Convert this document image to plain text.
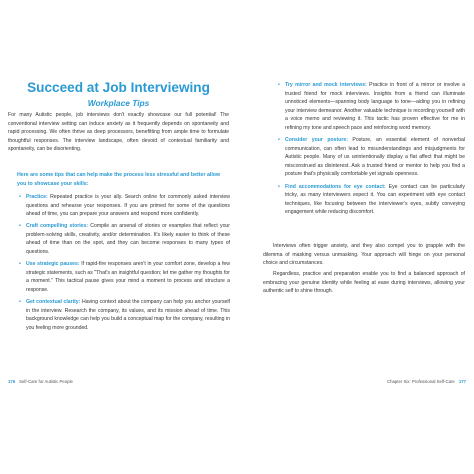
Succeed at Job Interviewing
Workplace Tips
For many Autistic people, job interviews don't exactly showcase our full potential! The conventional interview setting can induce anxiety as it frequently depends on spontaneity and rapid processing. We often thrive as deep processors, benefitting from ample time to formulate thoughtful responses. The interview landscape, often devoid of contextual familiarity and spontaneity, can be disorienting.
Here are some tips that can help make the process less stressful and better allow you to showcase your skills:
• Practice: Repeated practice is your ally. Search online for commonly asked interview questions and rehearse your responses. If you are primed for some of the questions ahead of time, you can prepare your answers and respond more confidently.
• Craft compelling stories: Compile an arsenal of stories or examples that reflect your problem-solving skills, creativity, and/or determination. It's likely easier to think of these ahead of time than on the spot, and they can become responses to many types of questions.
• Use strategic pauses: If rapid-fire responses aren't in your comfort zone, develop a few strategic statements, such as "That's an insightful question; let me gather my thoughts for a moment." This tactical pause gives your mind a moment to process and structure a response.
• Get contextual clarity: Having context about the company can help you anchor yourself in the interview. Research the company, its values, and its mission ahead of time. This background knowledge can help you build a conceptual map for the company, resulting in you feeling more grounded.
176 Self-Care for Autistic People
• Try mirror and mock interviews: Practice in front of a mirror or involve a trusted friend for mock interviews. Insights from a friend can illuminate unnoticed elements—spanning body language to tone—aiding you in refining your interview demeanor. Another valuable technique is recording yourself with a voice memo and reviewing it. This tactic has proven effective for me in refining my tone and speech pace and reinforcing word memory.
• Consider your posture: Posture, an essential element of nonverbal communication, can often lead to misunderstandings and misjudgments for Autistic people. Many of us unintentionally display a flat affect that might be misconstrued as disinterest. Ask a trusted friend or mentor to help you find a posture that's physically comfortable yet signals openness.
• Find accommodations for eye contact: Eye contact can be particularly tricky, as many interviewers expect it. You can experiment with eye contact techniques, like focusing between the interviewer's eyes, subtly conveying engagement while reducing discomfort.
Interviews often trigger anxiety, and they also compel you to grapple with the dilemma of masking versus unmasking. Your approach will hinge on your personal choice and circumstances.
Regardless, practice and preparation enable you to find a balanced approach of embracing your genuine identity while feeling at ease during interviews, allowing your authentic self to shine through.
Chapter Six: Professional Self-Care 177
